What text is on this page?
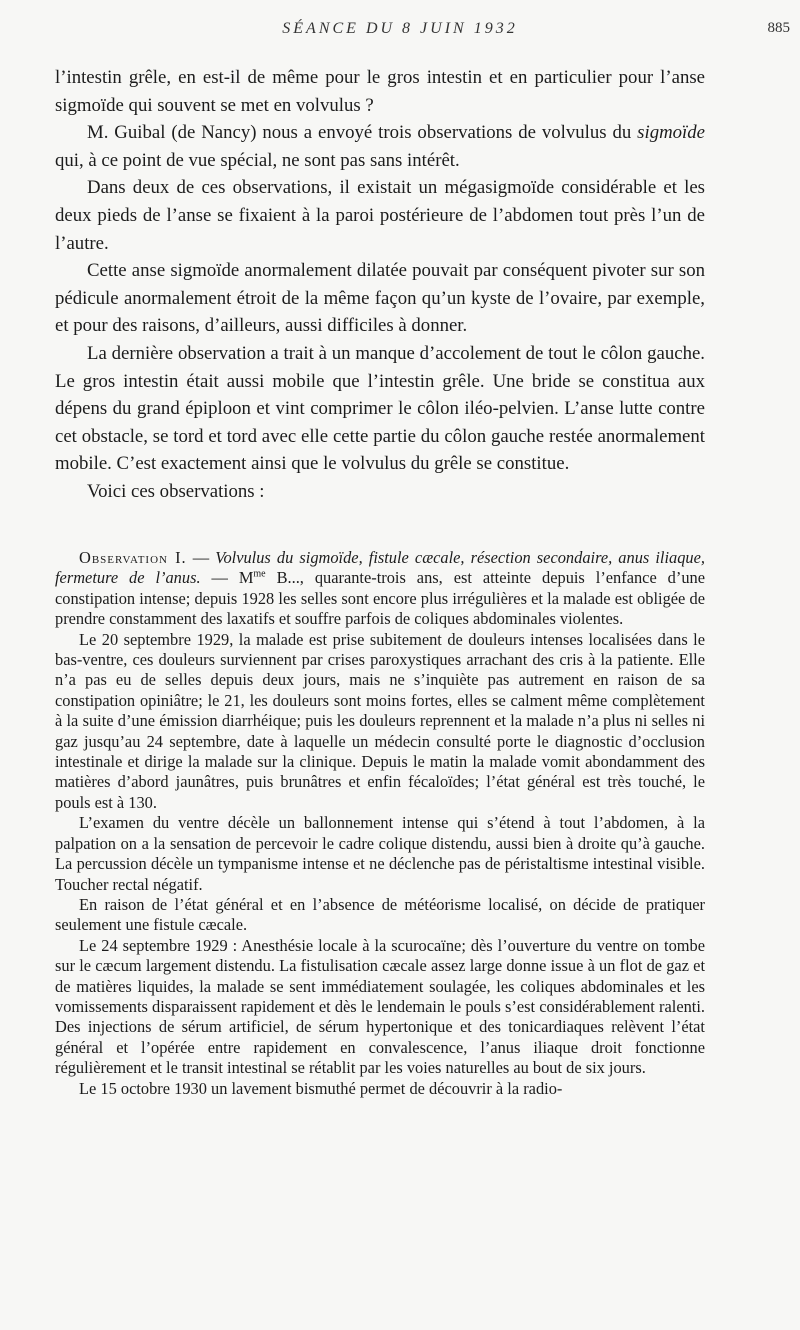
SÉANCE DU 8 JUIN 1932	885

l’intestin grêle, en est-il de même pour le gros intestin et en particulier pour l’anse sigmoïde qui souvent se met en volvulus ?

M. Guibal (de Nancy) nous a envoyé trois observations de volvulus du sigmoïde qui, à ce point de vue spécial, ne sont pas sans intérêt.

Dans deux de ces observations, il existait un mégasigmoïde considérable et les deux pieds de l’anse se fixaient à la paroi postérieure de l’abdomen tout près l’un de l’autre.

Cette anse sigmoïde anormalement dilatée pouvait par conséquent pivoter sur son pédicule anormalement étroit de la même façon qu’un kyste de l’ovaire, par exemple, et pour des raisons, d’ailleurs, aussi difficiles à donner.

La dernière observation a trait à un manque d’accolement de tout le côlon gauche. Le gros intestin était aussi mobile que l’intestin grêle. Une bride se constitua aux dépens du grand épiploon et vint comprimer le côlon iléo-pelvien. L’anse lutte contre cet obstacle, se tord et tord avec elle cette partie du côlon gauche restée anormalement mobile. C’est exactement ainsi que le volvulus du grêle se constitue.

Voici ces observations :

Observation I. — Volvulus du sigmoïde, fistule cæcale, résection secondaire, anus iliaque, fermeture de l’anus. — $M^{me}$ B..., quarante-trois ans, est atteinte depuis l’enfance d’une constipation intense; depuis 1928 les selles sont encore plus irrégulières et la malade est obligée de prendre constamment des laxatifs et souffre parfois de coliques abdominales violentes.

Le 20 septembre 1929, la malade est prise subitement de douleurs intenses localisées dans le bas-ventre, ces douleurs surviennent par crises paroxystiques arrachant des cris à la patiente. Elle n’a pas eu de selles depuis deux jours, mais ne s’inquiète pas autrement en raison de sa constipation opiniâtre; le 21, les douleurs sont moins fortes, elles se calment même complètement à la suite d’une émission diarrhéique; puis les douleurs reprennent et la malade n’a plus ni selles ni gaz jusqu’au 24 septembre, date à laquelle un médecin consulté porte le diagnostic d’occlusion intestinale et dirige la malade sur la clinique. Depuis le matin la malade vomit abondamment des matières d’abord jaunâtres, puis brunâtres et enfin fécaloïdes; l’état général est très touché, le pouls est à 130.

L’examen du ventre décèle un ballonnement intense qui s’étend à tout l’abdomen, à la palpation on a la sensation de percevoir le cadre colique distendu, aussi bien à droite qu’à gauche. La percussion décèle un tympanisme intense et ne déclenche pas de péristaltisme intestinal visible. Toucher rectal négatif.

En raison de l’état général et en l’absence de météorisme localisé, on décide de pratiquer seulement une fistule cæcale.

Le 24 septembre 1929 : Anesthésie locale à la scurocaïne; dès l’ouverture du ventre on tombe sur le cæcum largement distendu. La fistulisation cæcale assez large donne issue à un flot de gaz et de matières liquides, la malade se sent immédiatement soulagée, les coliques abdominales et les vomissements disparaissent rapidement et dès le lendemain le pouls s’est considérablement ralenti. Des injections de sérum artificiel, de sérum hypertonique et des tonicardiaques relèvent l’état général et l’opérée entre rapidement en convalescence, l’anus iliaque droit fonctionne régulièrement et le transit intestinal se rétablit par les voies naturelles au bout de six jours.

Le 15 octobre 1930 un lavement bismuthé permet de découvrir à la radio-
